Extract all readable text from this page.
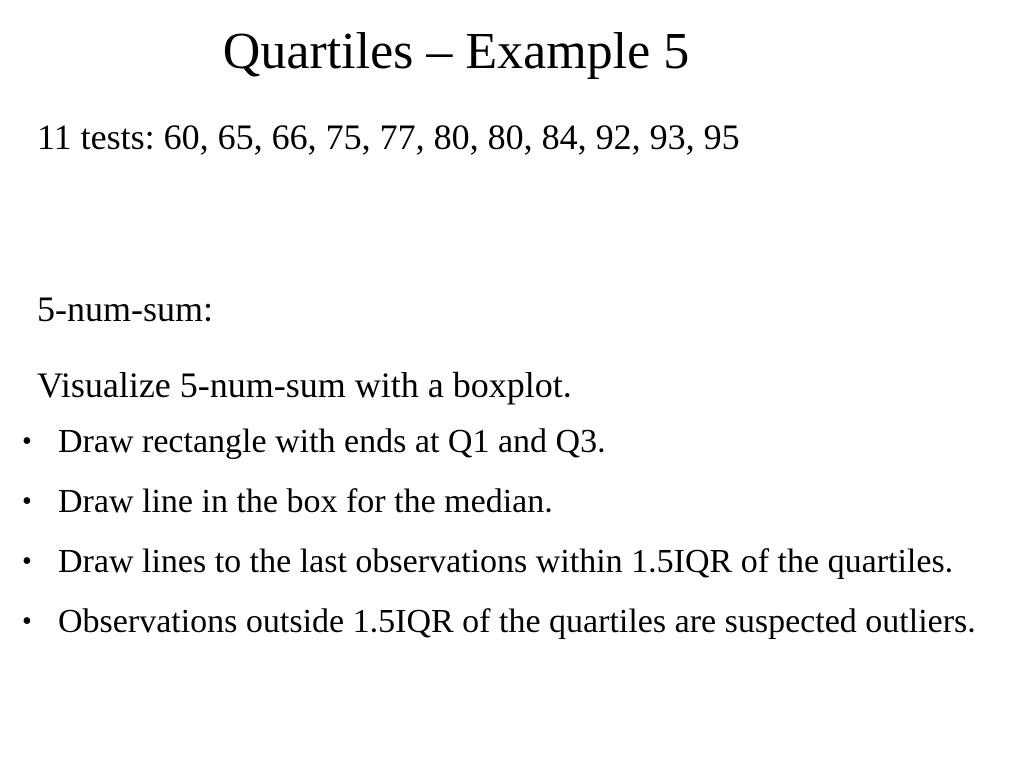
Quartiles – Example 5

11 tests: 60, 65, 66, 75, 77, 80, 80, 84, 92, 93, 95

5-num-sum:

Visualize 5-num-sum with a boxplot.

• Draw rectangle with ends at Q1 and Q3.
• Draw line in the box for the median.
• Draw lines to the last observations within 1.5IQR of the quartiles.
• Observations outside 1.5IQR of the quartiles are suspected outliers.
